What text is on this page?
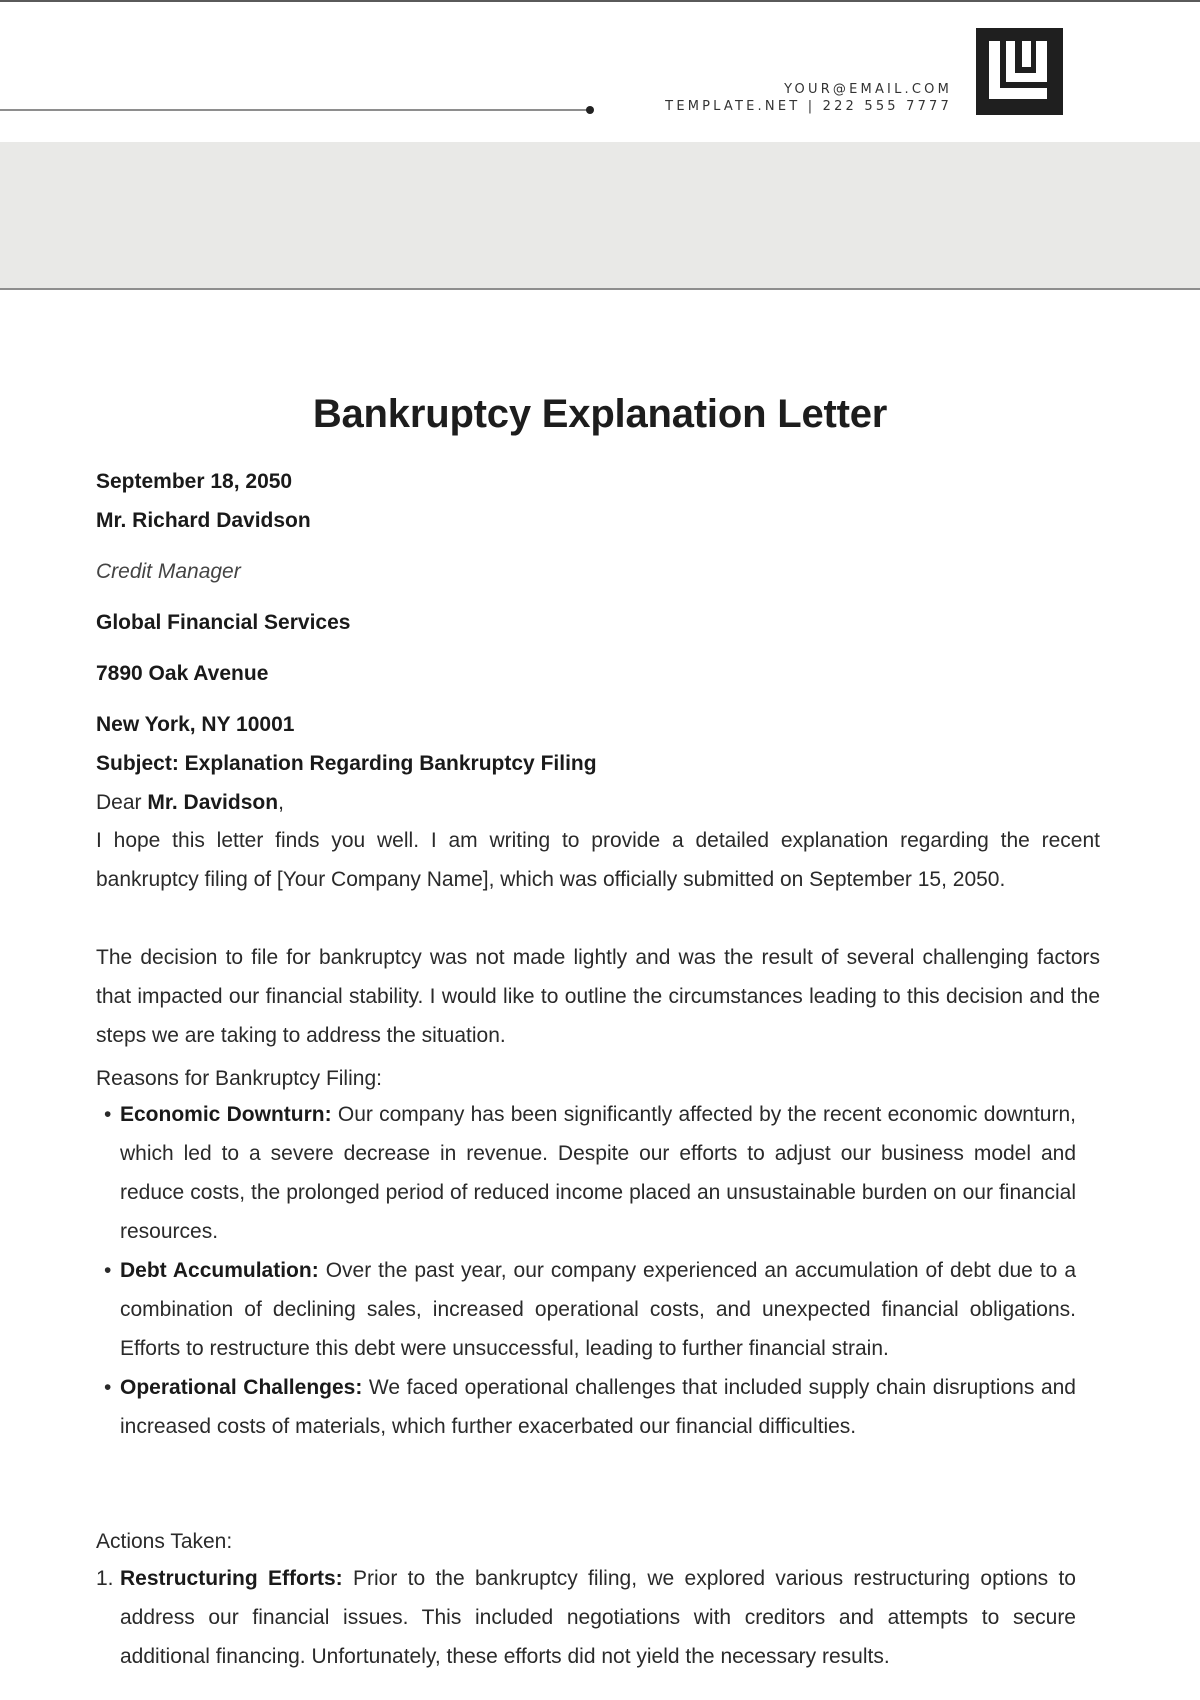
YOUR@EMAIL.COM
TEMPLATE.NET | 222 555 7777
Bankruptcy Explanation Letter
September 18, 2050
Mr. Richard Davidson
Credit Manager
Global Financial Services
7890 Oak Avenue
New York, NY 10001
Subject: Explanation Regarding Bankruptcy Filing
Dear Mr. Davidson,

I hope this letter finds you well. I am writing to provide a detailed explanation regarding the recent bankruptcy filing of [Your Company Name], which was officially submitted on September 15, 2050.

The decision to file for bankruptcy was not made lightly and was the result of several challenging factors that impacted our financial stability. I would like to outline the circumstances leading to this decision and the steps we are taking to address the situation.

Reasons for Bankruptcy Filing:
• Economic Downturn: Our company has been significantly affected by the recent economic downturn, which led to a severe decrease in revenue. Despite our efforts to adjust our business model and reduce costs, the prolonged period of reduced income placed an unsustainable burden on our financial resources.
• Debt Accumulation: Over the past year, our company experienced an accumulation of debt due to a combination of declining sales, increased operational costs, and unexpected financial obligations. Efforts to restructure this debt were unsuccessful, leading to further financial strain.
• Operational Challenges: We faced operational challenges that included supply chain disruptions and increased costs of materials, which further exacerbated our financial difficulties.
Actions Taken:
1. Restructuring Efforts: Prior to the bankruptcy filing, we explored various restructuring options to address our financial issues. This included negotiations with creditors and attempts to secure additional financing. Unfortunately, these efforts did not yield the necessary results.
